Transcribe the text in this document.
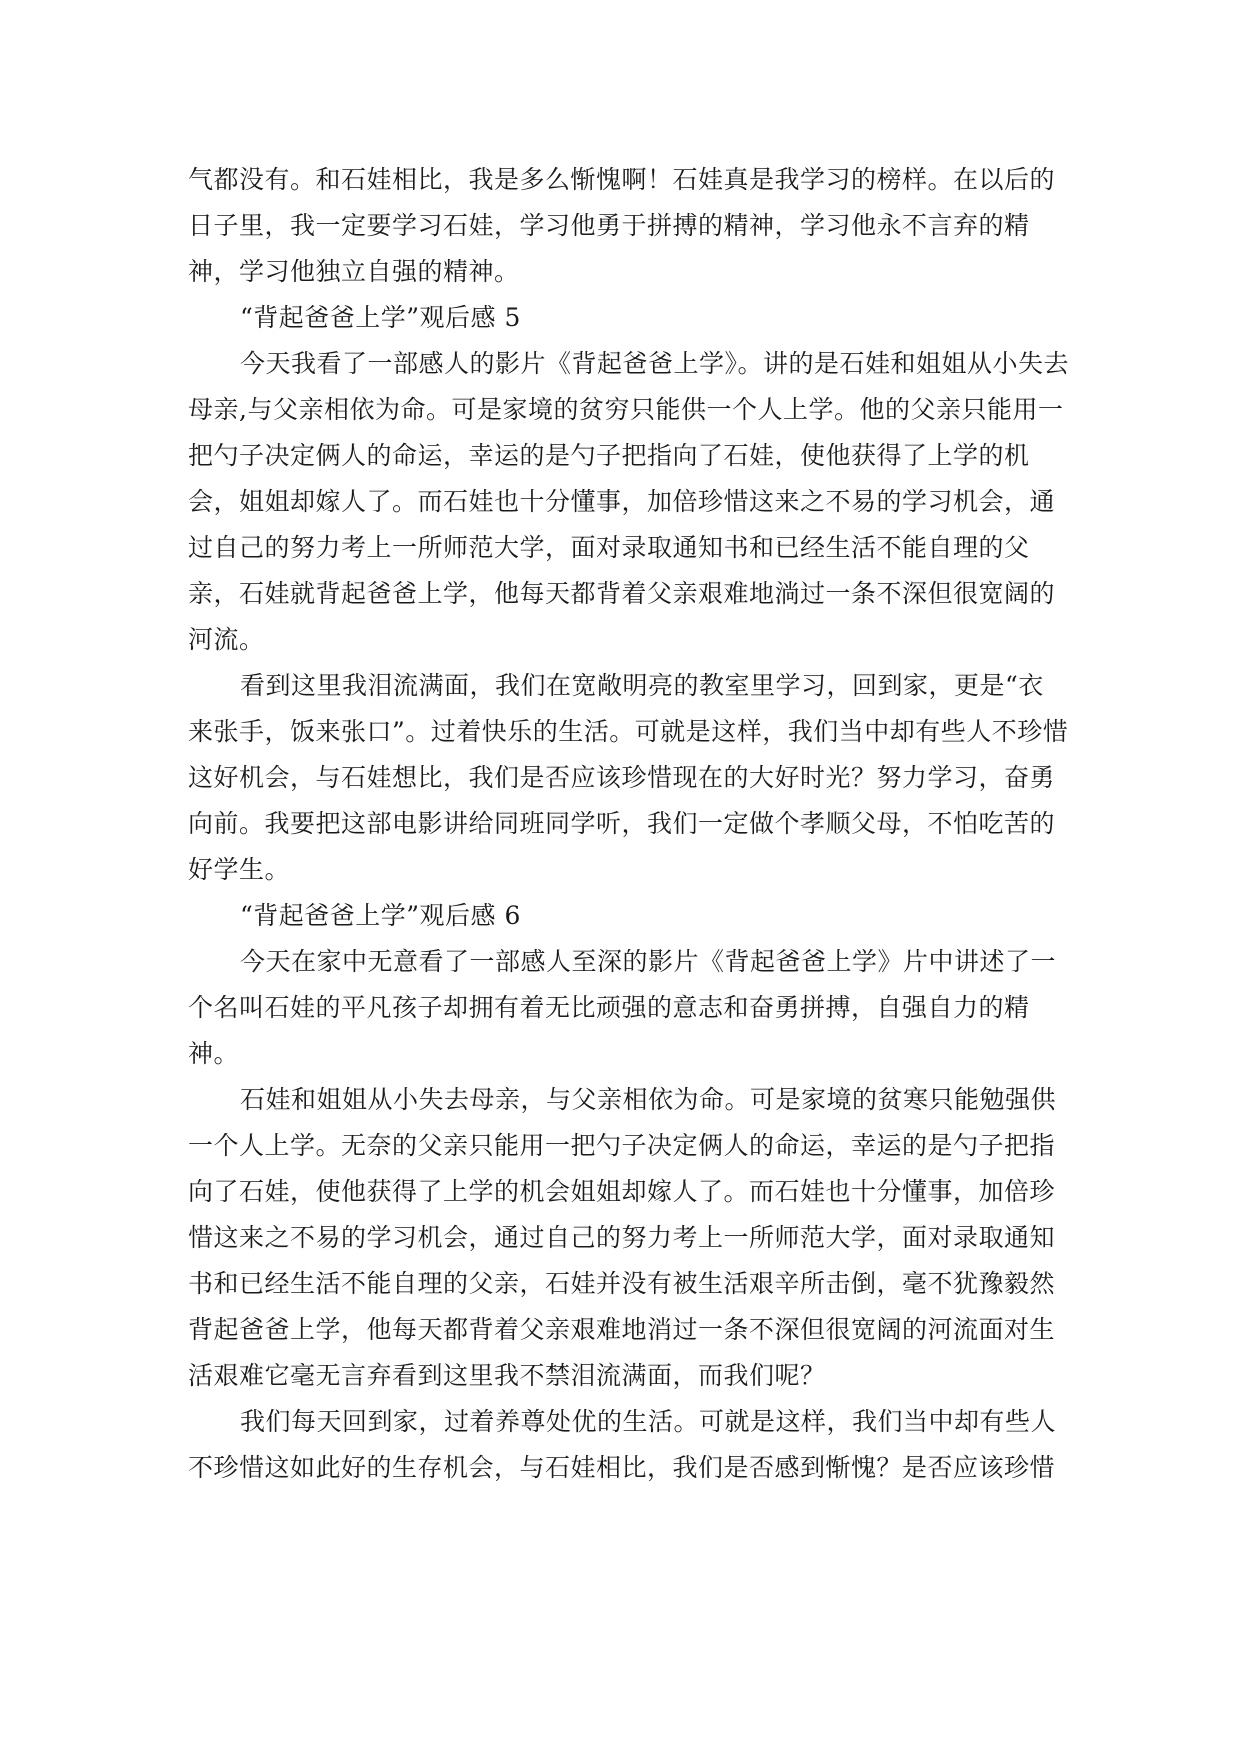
气都没有。和石娃相比，我是多么惭愧啊！石娃真是我学习的榜样。在以后的
日子里，我一定要学习石娃，学习他勇于拼搏的精神，学习他永不言弃的精
神，学习他独立自强的精神。
“背起爸爸上学”观后感 5
今天我看了一部感人的影片《背起爸爸上学》。讲的是石娃和姐姐从小失去
母亲,与父亲相依为命。可是家境的贫穷只能供一个人上学。他的父亲只能用一
把勺子决定俩人的命运，幸运的是勺子把指向了石娃，使他获得了上学的机
会，姐姐却嫁人了。而石娃也十分懂事，加倍珍惜这来之不易的学习机会，通
过自己的努力考上一所师范大学，面对录取通知书和已经生活不能自理的父
亲，石娃就背起爸爸上学，他每天都背着父亲艰难地淌过一条不深但很宽阔的
河流。
看到这里我泪流满面，我们在宽敞明亮的教室里学习，回到家，更是“衣
来张手，饭来张口”。过着快乐的生活。可就是这样，我们当中却有些人不珍惜
这好机会，与石娃想比，我们是否应该珍惜现在的大好时光？努力学习，奋勇
向前。我要把这部电影讲给同班同学听，我们一定做个孝顺父母，不怕吃苦的
好学生。
“背起爸爸上学”观后感 6
今天在家中无意看了一部感人至深的影片《背起爸爸上学》片中讲述了一
个名叫石娃的平凡孩子却拥有着无比顽强的意志和奋勇拼搏，自强自力的精
神。
石娃和姐姐从小失去母亲，与父亲相依为命。可是家境的贫寒只能勉强供
一个人上学。无奈的父亲只能用一把勺子决定俩人的命运，幸运的是勺子把指
向了石娃，使他获得了上学的机会姐姐却嫁人了。而石娃也十分懂事，加倍珍
惜这来之不易的学习机会，通过自己的努力考上一所师范大学，面对录取通知
书和已经生活不能自理的父亲，石娃并没有被生活艰辛所击倒，毫不犹豫毅然
背起爸爸上学，他每天都背着父亲艰难地消过一条不深但很宽阔的河流面对生
活艰难它毫无言弃看到这里我不禁泪流满面，而我们呢？
我们每天回到家，过着养尊处优的生活。可就是这样，我们当中却有些人
不珍惜这如此好的生存机会，与石娃相比，我们是否感到惭愧？是否应该珍惜
